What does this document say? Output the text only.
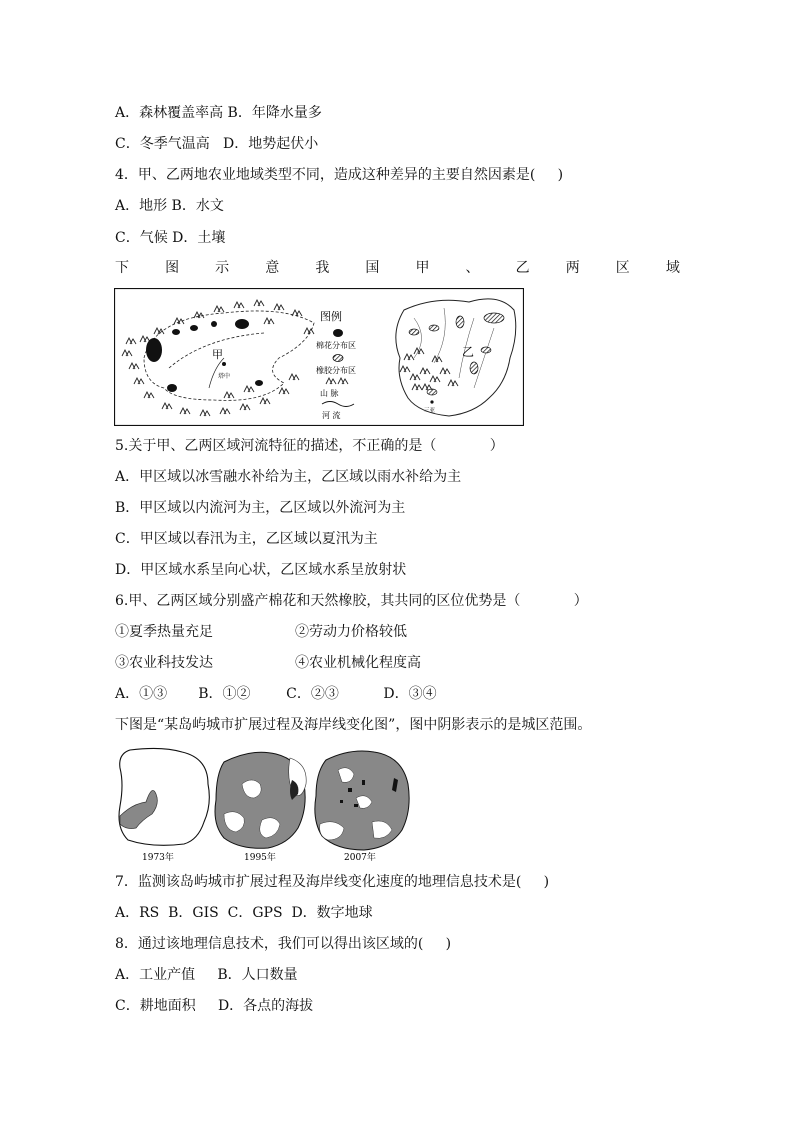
A．森林覆盖率高 B．年降水量多
C．冬季气温高   D．地势起伏小
4．甲、乙两地农业地域类型不同，造成这种差异的主要自然因素是(     )
A．地形 B．水文
C．气候 D．土壤
下	图	示	意	我	国	甲	、	乙	两	区	域
甲
塔中
图例
棉花分布区
橡胶分布区
山 脉
河 流
乙
三亚
5.关于甲、乙两区域河流特征的描述，不正确的是（            ）
A．甲区域以冰雪融水补给为主，乙区域以雨水补给为主
B．甲区域以内流河为主，乙区域以外流河为主
C．甲区域以春汛为主，乙区域以夏汛为主
D．甲区域水系呈向心状，乙区域水系呈放射状
6.甲、乙两区域分别盛产棉花和天然橡胶，其共同的区位优势是（            ）
①夏季热量充足	②劳动力价格较低
③农业科技发达	④农业机械化程度高
A．①③       B．①②        C．②③          D．③④
下图是“某岛屿城市扩展过程及海岸线变化图”，图中阴影表示的是城区范围。
1973年	1995年	2007年
7．监测该岛屿城市扩展过程及海岸线变化速度的地理信息技术是(     )
A．RS  B．GIS  C．GPS  D．数字地球
8．通过该地理信息技术，我们可以得出该区域的(     )
A．工业产值     B．人口数量
C．耕地面积     D．各点的海拔
